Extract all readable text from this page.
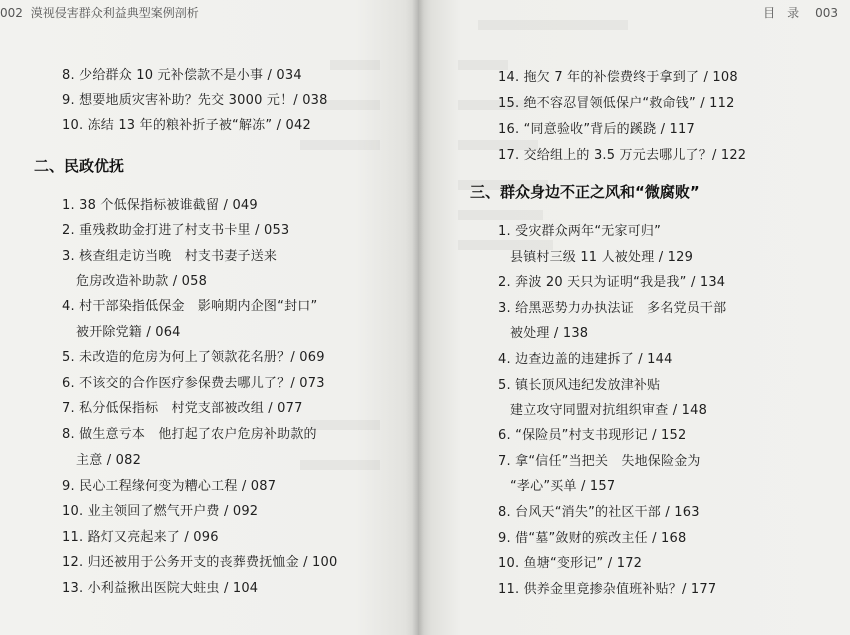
002 漠视侵害群众利益典型案例剖析
8. 少给群众 10 元补偿款不是小事 / 034
9. 想要地质灾害补助？先交 3000 元！/ 038
10. 冻结 13 年的粮补折子被“解冻” / 042
二、民政优抚
1. 38 个低保指标被谁截留 / 049
2. 重残救助金打进了村支书卡里 / 053
3. 核查组走访当晚　村支书妻子送来
危房改造补助款 / 058
4. 村干部染指低保金　影响期内企图“封口”
被开除党籍 / 064
5. 未改造的危房为何上了领款花名册？/ 069
6. 不该交的合作医疗参保费去哪儿了？/ 073
7. 私分低保指标　村党支部被改组 / 077
8. 做生意亏本　他打起了农户危房补助款的
主意 / 082
9. 民心工程缘何变为糟心工程 / 087
10. 业主领回了燃气开户费 / 092
11. 路灯又亮起来了 / 096
12. 归还被用于公务开支的丧葬费抚恤金 / 100
13. 小利益揪出医院大蛀虫 / 104
目　录 003
14. 拖欠 7 年的补偿费终于拿到了 / 108
15. 绝不容忍冒领低保户“救命钱” / 112
16. “同意验收”背后的蹊跷 / 117
17. 交给组上的 3.5 万元去哪儿了？/ 122
三、群众身边不正之风和“微腐败”
1. 受灾群众两年“无家可归”
县镇村三级 11 人被处理 / 129
2. 奔波 20 天只为证明“我是我” / 134
3. 给黑恶势力办执法证　多名党员干部
被处理 / 138
4. 边查边盖的违建拆了 / 144
5. 镇长顶风违纪发放津补贴
建立攻守同盟对抗组织审查 / 148
6. “保险员”村支书现形记 / 152
7. 拿“信任”当把关　失地保险金为
“孝心”买单 / 157
8. 台风天“消失”的社区干部 / 163
9. 借“墓”敛财的殡改主任 / 168
10. 鱼塘“变形记” / 172
11. 供养金里竟掺杂值班补贴？/ 177
